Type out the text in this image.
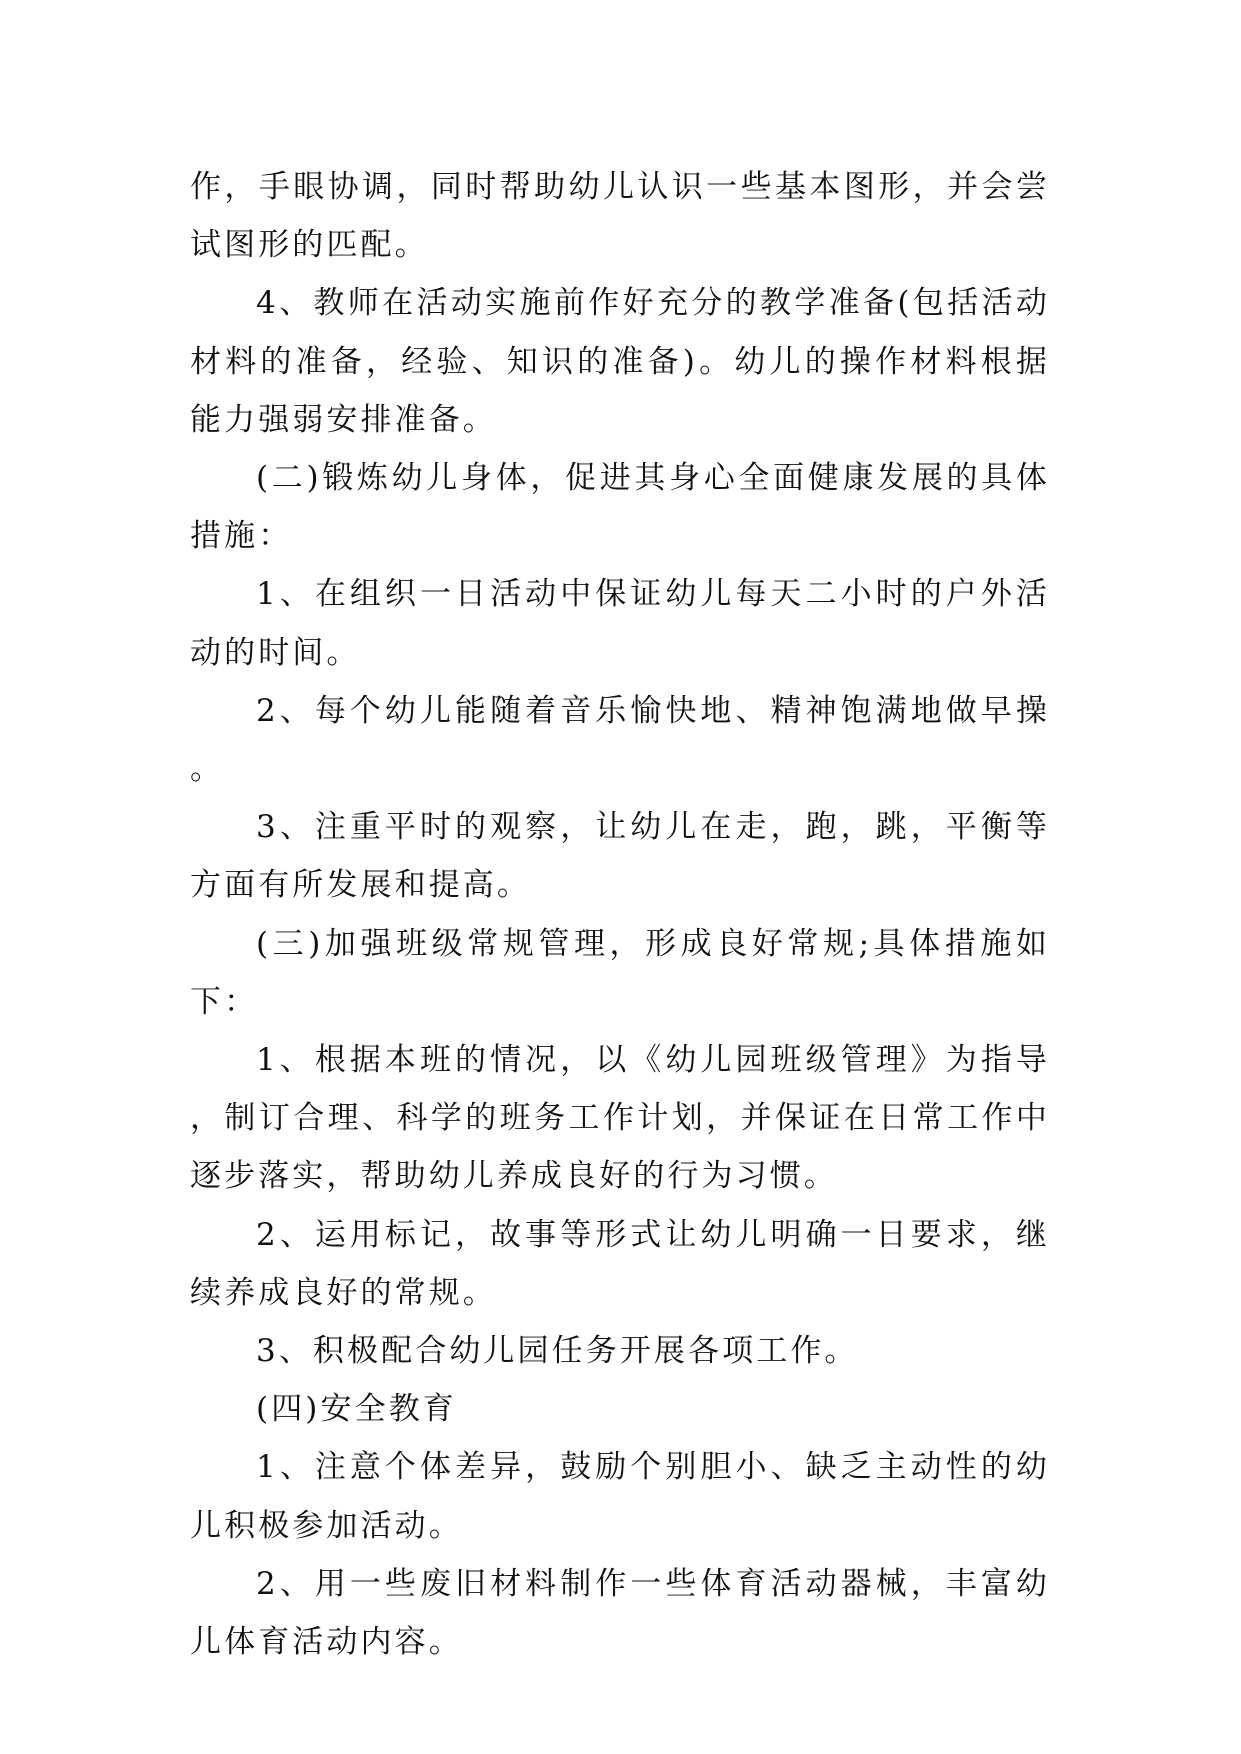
作，手眼协调，同时帮助幼儿认识一些基本图形，并会尝试图形的匹配。

4、教师在活动实施前作好充分的教学准备(包括活动材料的准备，经验、知识的准备)。幼儿的操作材料根据能力强弱安排准备。

(二)锻炼幼儿身体，促进其身心全面健康发展的具体措施：

1、在组织一日活动中保证幼儿每天二小时的户外活动的时间。

2、每个幼儿能随着音乐愉快地、精神饱满地做早操。

3、注重平时的观察，让幼儿在走，跑，跳，平衡等方面有所发展和提高。

(三)加强班级常规管理，形成良好常规;具体措施如下：

1、根据本班的情况，以《幼儿园班级管理》为指导，制订合理、科学的班务工作计划，并保证在日常工作中逐步落实，帮助幼儿养成良好的行为习惯。

2、运用标记，故事等形式让幼儿明确一日要求，继续养成良好的常规。

3、积极配合幼儿园任务开展各项工作。

(四)安全教育

1、注意个体差异，鼓励个别胆小、缺乏主动性的幼儿积极参加活动。

2、用一些废旧材料制作一些体育活动器械，丰富幼儿体育活动内容。
